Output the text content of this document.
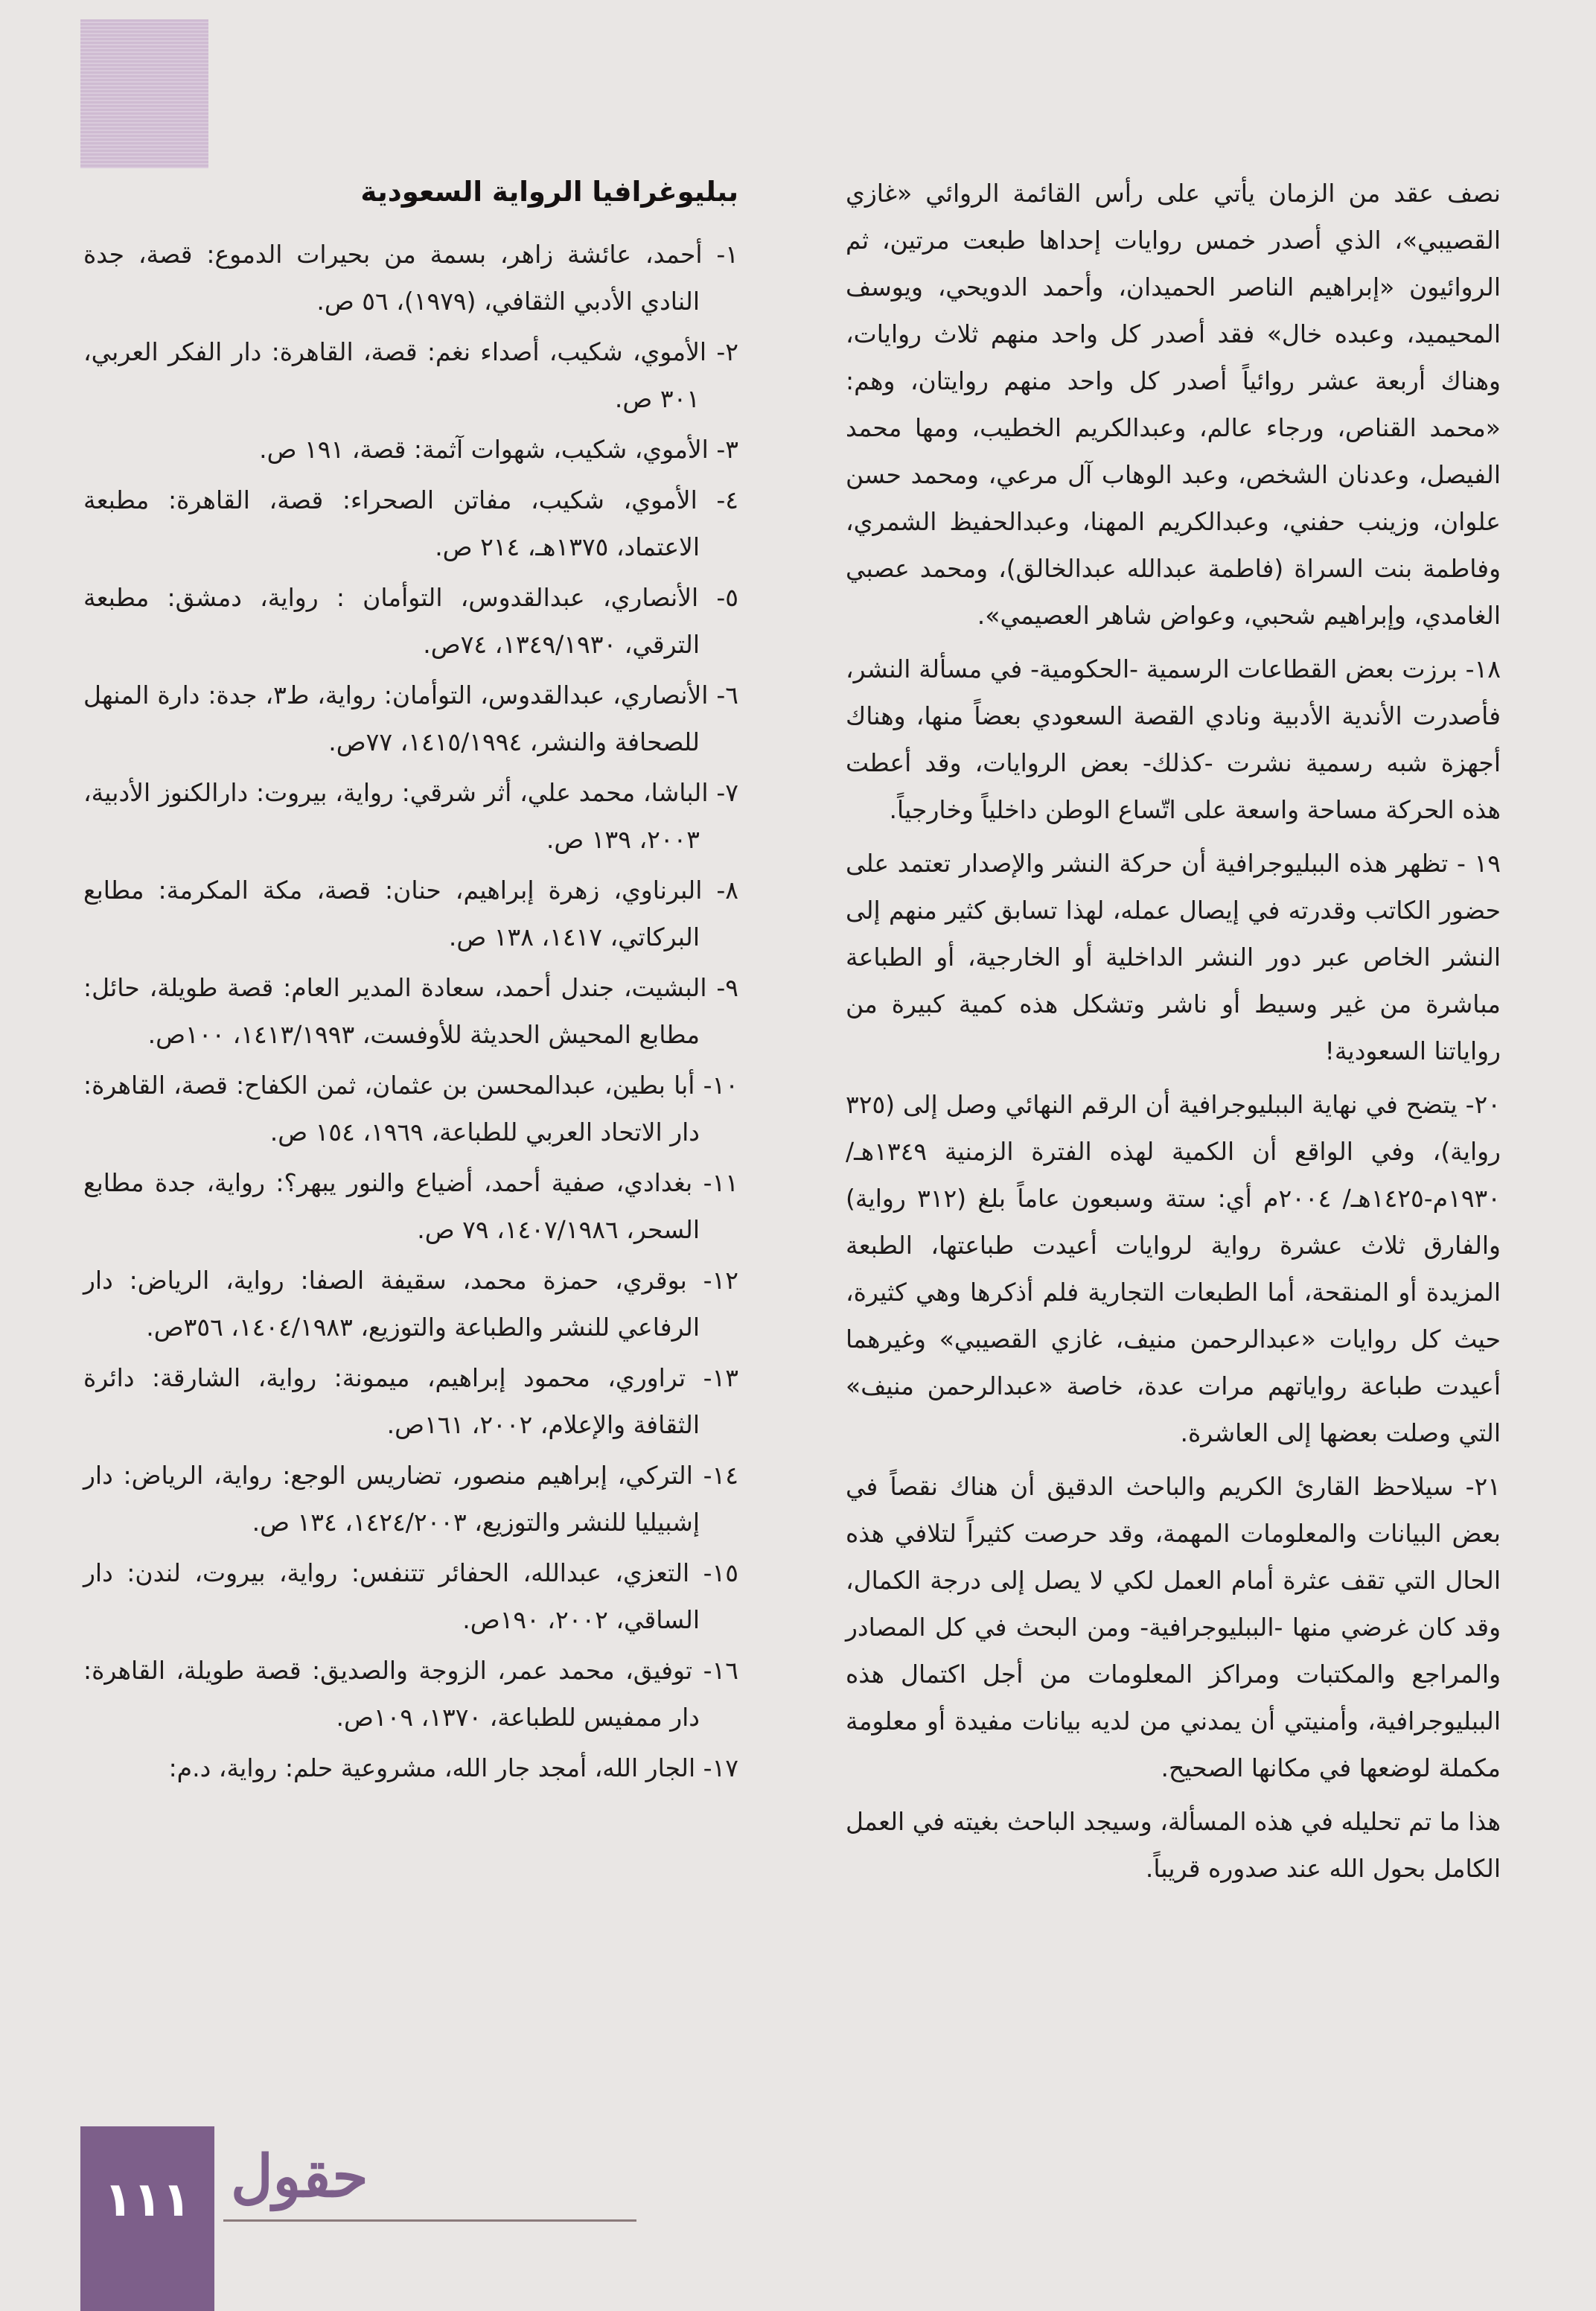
نصف عقد من الزمان يأتي على رأس القائمة الروائي «غازي القصيبي»، الذي أصدر خمس روايات إحداها طبعت مرتين، ثم الروائيون «إبراهيم الناصر الحميدان، وأحمد الدويحي، ويوسف المحيميد، وعبده خال» فقد أصدر كل واحد منهم ثلاث روايات، وهناك أربعة عشر روائياً أصدر كل واحد منهم روايتان، وهم: «محمد القناص، ورجاء عالم، وعبدالكريم الخطيب، ومها محمد الفيصل، وعدنان الشخص، وعبد الوهاب آل مرعي، ومحمد حسن علوان، وزينب حفني، وعبدالكريم المهنا، وعبدالحفيظ الشمري، وفاطمة بنت السراة (فاطمة عبدالله عبدالخالق)، ومحمد عصبي الغامدي، وإبراهيم شحبي، وعواض شاهر العصيمي».

١٨- برزت بعض القطاعات الرسمية -الحكومية- في مسألة النشر، فأصدرت الأندية الأدبية ونادي القصة السعودي بعضاً منها، وهناك أجهزة شبه رسمية نشرت -كذلك- بعض الروايات، وقد أعطت هذه الحركة مساحة واسعة على اتّساع الوطن داخلياً وخارجياً.

١٩ - تظهر هذه الببليوجرافية أن حركة النشر والإصدار تعتمد على حضور الكاتب وقدرته في إيصال عمله، لهذا تسابق كثير منهم إلى النشر الخاص عبر دور النشر الداخلية أو الخارجية، أو الطباعة مباشرة من غير وسيط أو ناشر وتشكل هذه كمية كبيرة من رواياتنا السعودية!

٢٠- يتضح في نهاية الببليوجرافية أن الرقم النهائي وصل إلى (٣٢٥ رواية)، وفي الواقع أن الكمية لهذه الفترة الزمنية ١٣٤٩هـ/ ١٩٣٠م-١٤٢٥هـ/ ٢٠٠٤م أي: ستة وسبعون عاماً بلغ (٣١٢ رواية) والفارق ثلاث عشرة رواية لروايات أعيدت طباعتها، الطبعة المزيدة أو المنقحة، أما الطبعات التجارية فلم أذكرها وهي كثيرة، حيث كل روايات «عبدالرحمن منيف، غازي القصيبي» وغيرهما أعيدت طباعة رواياتهم مرات عدة، خاصة «عبدالرحمن منيف» التي وصلت بعضها إلى العاشرة.

٢١- سيلاحظ القارئ الكريم والباحث الدقيق أن هناك نقصاً في بعض البيانات والمعلومات المهمة، وقد حرصت كثيراً لتلافي هذه الحال التي تقف عثرة أمام العمل لكي لا يصل إلى درجة الكمال، وقد كان غرضي منها -الببليوجرافية- ومن البحث في كل المصادر والمراجع والمكتبات ومراكز المعلومات من أجل اكتمال هذه الببليوجرافية، وأمنيتي أن يمدني من لديه بيانات مفيدة أو معلومة مكملة لوضعها في مكانها الصحيح.

هذا ما تم تحليله في هذه المسألة، وسيجد الباحث بغيته في العمل الكامل بحول الله عند صدوره قريباً.

ببليوغرافيا الرواية السعودية

١- أحمد، عائشة زاهر، بسمة من بحيرات الدموع: قصة، جدة النادي الأدبي الثقافي، (١٩٧٩)، ٥٦ ص.

٢- الأموي، شكيب، أصداء نغم: قصة، القاهرة: دار الفكر العربي، ٣٠١ ص.

٣- الأموي، شكيب، شهوات آثمة: قصة، ١٩١ ص.

٤- الأموي، شكيب، مفاتن الصحراء: قصة، القاهرة: مطبعة الاعتماد، ١٣٧٥هـ، ٢١٤ ص.

٥- الأنصاري، عبدالقدوس، التوأمان : رواية، دمشق: مطبعة الترقي، ١٣٤٩/١٩٣٠، ٧٤ص.

٦- الأنصاري، عبدالقدوس، التوأمان: رواية، ط٣، جدة: دارة المنهل للصحافة والنشر، ١٤١٥/١٩٩٤، ٧٧ص.

٧- الباشا، محمد علي، أثر شرقي: رواية، بيروت: دارالكنوز الأدبية، ٢٠٠٣، ١٣٩ ص.

٨- البرناوي، زهرة إبراهيم، حنان: قصة، مكة المكرمة: مطابع البركاتي، ١٤١٧، ١٣٨ ص.

٩- البشيت، جندل أحمد، سعادة المدير العام: قصة طويلة، حائل: مطابع المحيش الحديثة للأوفست، ١٤١٣/١٩٩٣، ١٠٠ص.

١٠- أبا بطين، عبدالمحسن بن عثمان، ثمن الكفاح: قصة، القاهرة: دار الاتحاد العربي للطباعة، ١٩٦٩، ١٥٤ ص.

١١- بغدادي، صفية أحمد، أضياع والنور يبهر؟: رواية، جدة مطابع السحر، ١٤٠٧/١٩٨٦، ٧٩ ص.

١٢- بوقري، حمزة محمد، سقيفة الصفا: رواية، الرياض: دار الرفاعي للنشر والطباعة والتوزيع، ١٤٠٤/١٩٨٣، ٣٥٦ص.

١٣- تراوري، محمود إبراهيم، ميمونة: رواية، الشارقة: دائرة الثقافة والإعلام، ٢٠٠٢، ١٦١ص.

١٤- التركي، إبراهيم منصور، تضاريس الوجع: رواية، الرياض: دار إشبيليا للنشر والتوزيع، ١٤٢٤/٢٠٠٣، ١٣٤ ص.

١٥- التعزي، عبدالله، الحفائر تتنفس: رواية، بيروت، لندن: دار الساقي، ٢٠٠٢، ١٩٠ص.

١٦- توفيق، محمد عمر، الزوجة والصديق: قصة طويلة، القاهرة: دار ممفيس للطباعة، ١٣٧٠، ١٠٩ص.

١٧- الجار الله، أمجد جار الله، مشروعية حلم: رواية، د.م:

١١١ حقول
